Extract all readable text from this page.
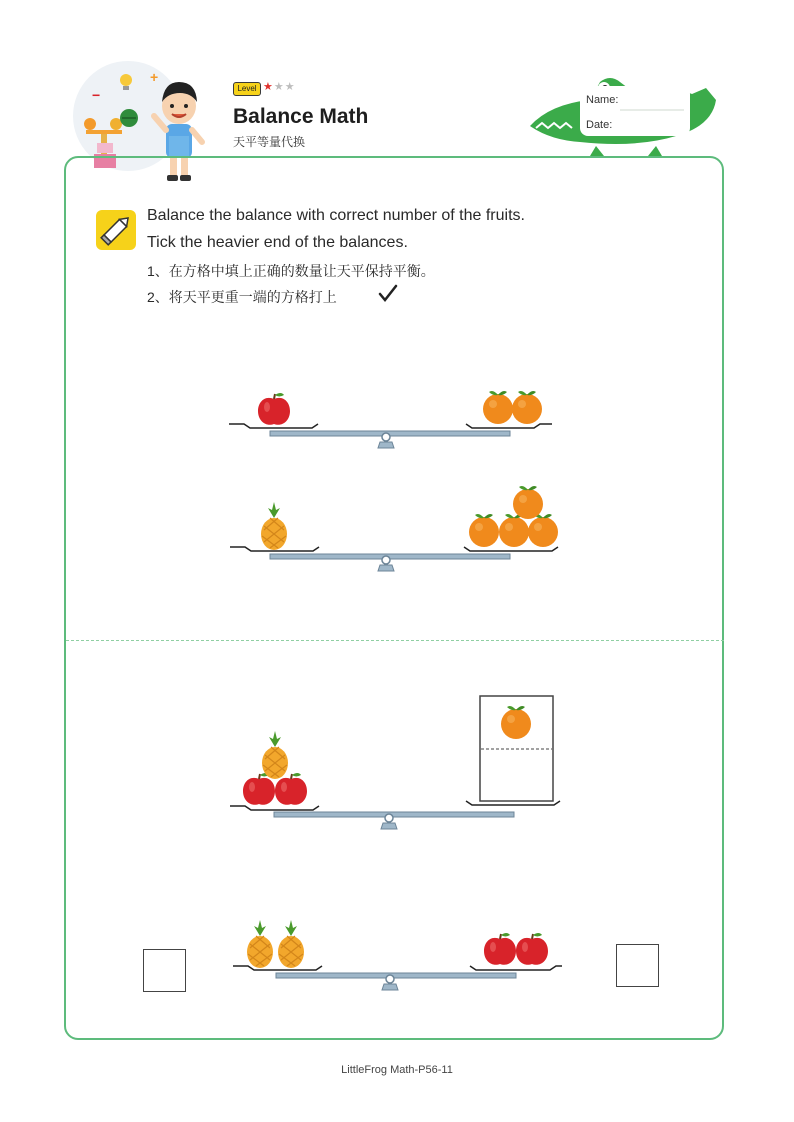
+
−	Level ★★★
Balance Math
天平等量代换
Name:
Date:
Balance the balance with correct number of the fruits.
Tick the heavier end of the balances.
1、在方格中填上正确的数量让天平保持平衡。
2、将天平更重一端的方格打上
LittleFrog Math-P56-11
